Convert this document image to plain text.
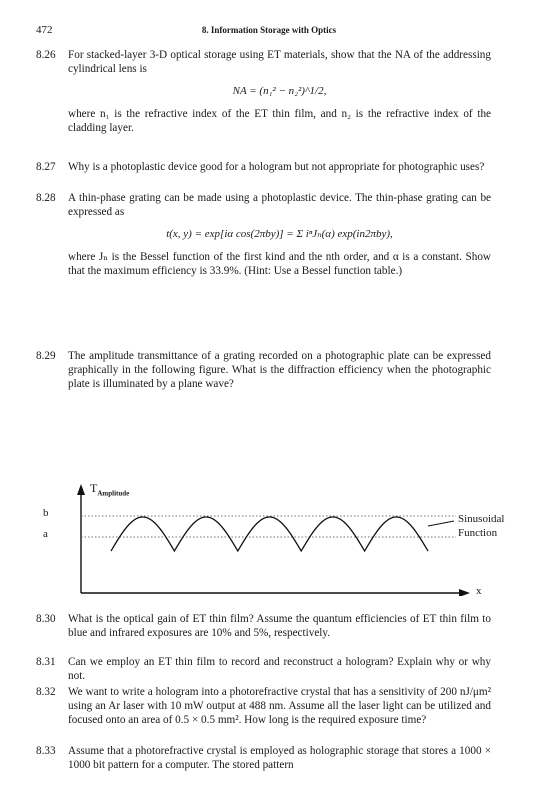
472	8. Information Storage with Optics
8.26 For stacked-layer 3-D optical storage using ET materials, show that the NA of the addressing cylindrical lens is

NA = (n₁² − n₂²)^1/2,

where n₁ is the refractive index of the ET thin film, and n₂ is the refractive index of the cladding layer.

8.27 Why is a photoplastic device good for a hologram but not appropriate for photographic uses?

8.28 A thin-phase grating can be made using a photoplastic device. The thin-phase grating can be expressed as

t(x, y) = exp[iα cos(2πby)] = Σ iⁿJₙ(α) exp(in2πby),

where Jₙ is the Bessel function of the first kind and the nth order, and α is a constant. Show that the maximum efficiency is 33.9%. (Hint: Use a Bessel function table.)

8.29 The amplitude transmittance of a grating recorded on a photographic plate can be expressed graphically in the following figure. What is the diffraction efficiency when the photographic plate is illuminated by a plane wave?

$T_{Amplitude}$
b
a
Sinusoidal
Function
x
8.30 What is the optical gain of ET thin film? Assume the quantum efficiencies of ET thin film to blue and infrared exposures are 10% and 5%, respectively.

8.31 Can we employ an ET thin film to record and reconstruct a hologram? Explain why or why not.

8.32 We want to write a hologram into a photorefractive crystal that has a sensitivity of 200 nJ/μm² using an Ar laser with 10 mW output at 488 nm. Assume all the laser light can be utilized and focused onto an area of 0.5 × 0.5 mm². How long is the required exposure time?

8.33 Assume that a photorefractive crystal is employed as holographic storage that stores a 1000 × 1000 bit pattern for a computer. The stored pattern
